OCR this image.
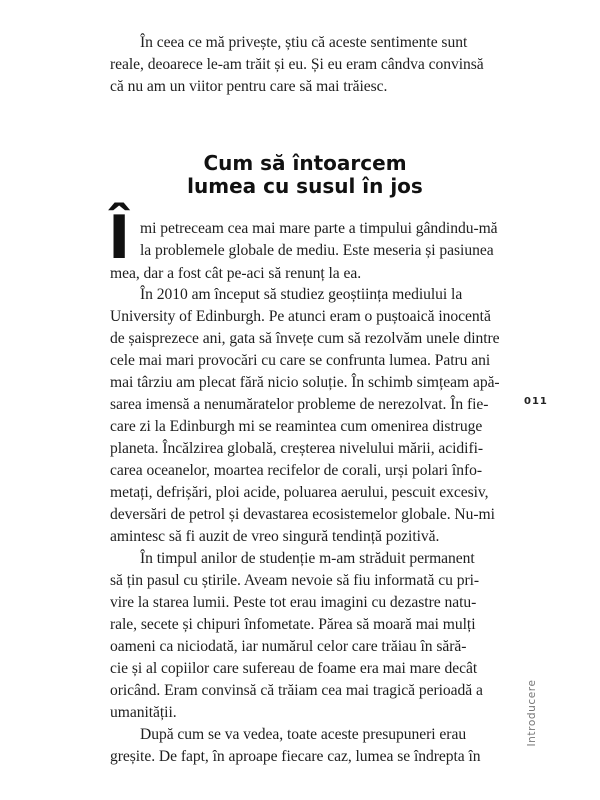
În ceea ce mă privește, știu că aceste sentimente sunt

reale, deoarece le-am trăit și eu. Și eu eram cândva convinsă

că nu am un viitor pentru care să mai trăiesc.

Cum să întoarcem
lumea cu susul în jos
Î mi petreceam cea mai mare parte a timpului gândindu-mă

la problemele globale de mediu. Este meseria și pasiunea

mea, dar a fost cât pe-aci să renunț la ea.

În 2010 am început să studiez geoștiința mediului la

University of Edinburgh. Pe atunci eram o puștoaică inocentă

de șaisprezece ani, gata să învețe cum să rezolvăm unele dintre

cele mai mari provocări cu care se confrunta lumea. Patru ani

mai târziu am plecat fără nicio soluție. În schimb simțeam apă-

sarea imensă a nenumăratelor probleme de nerezolvat. În fie-

care zi la Edinburgh mi se reamintea cum omenirea distruge

planeta. Încălzirea globală, creșterea nivelului mării, acidifi-

carea oceanelor, moartea recifelor de corali, urși polari înfo-

metați, defrișări, ploi acide, poluarea aerului, pescuit excesiv,

deversări de petrol și devastarea ecosistemelor globale. Nu-mi

amintesc să fi auzit de vreo singură tendință pozitivă.

În timpul anilor de studenție m-am străduit permanent

să țin pasul cu știrile. Aveam nevoie să fiu informată cu pri-

vire la starea lumii. Peste tot erau imagini cu dezastre natu-

rale, secete și chipuri înfometate. Părea să moară mai mulți

oameni ca niciodată, iar numărul celor care trăiau în sără-

cie și al copiilor care sufereau de foame era mai mare decât

oricând. Eram convinsă că trăiam cea mai tragică perioadă a

umanității.

După cum se va vedea, toate aceste presupuneri erau

greșite. De fapt, în aproape fiecare caz, lumea se îndrepta în

011
Introducere
